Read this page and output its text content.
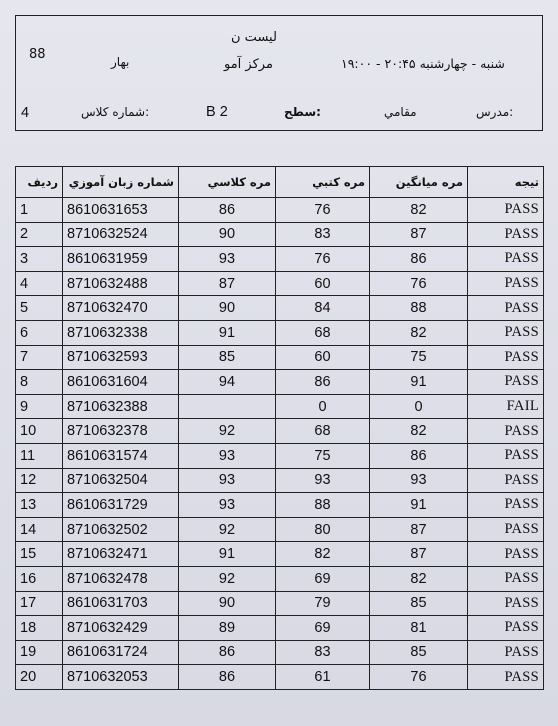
88	بهار
لیست ن
مرکز آمو	شنبه - چهارشنبه ۲۰:۴۵ - ۱۹:۰۰
مدرس:
مقامي
سطح:
B 2
شماره کلاس:
4
رديف	شماره زبان آموزي	مره کلاسي	مره کتبي	مره ميانگين	تيجه
1	8610631653	86	76	82	PASS
2	8710632524	90	83	87	PASS
3	8610631959	93	76	86	PASS
4	8710632488	87	60	76	PASS
5	8710632470	90	84	88	PASS
6	8710632338	91	68	82	PASS
7	8710632593	85	60	75	PASS
8	8610631604	94	86	91	PASS
9	8710632388		0	0	FAIL
10	8710632378	92	68	82	PASS
11	8610631574	93	75	86	PASS
12	8710632504	93	93	93	PASS
13	8610631729	93	88	91	PASS
14	8710632502	92	80	87	PASS
15	8710632471	91	82	87	PASS
16	8710632478	92	69	82	PASS
17	8610631703	90	79	85	PASS
18	8710632429	89	69	81	PASS
19	8610631724	86	83	85	PASS
20	8710632053	86	61	76	PASS
